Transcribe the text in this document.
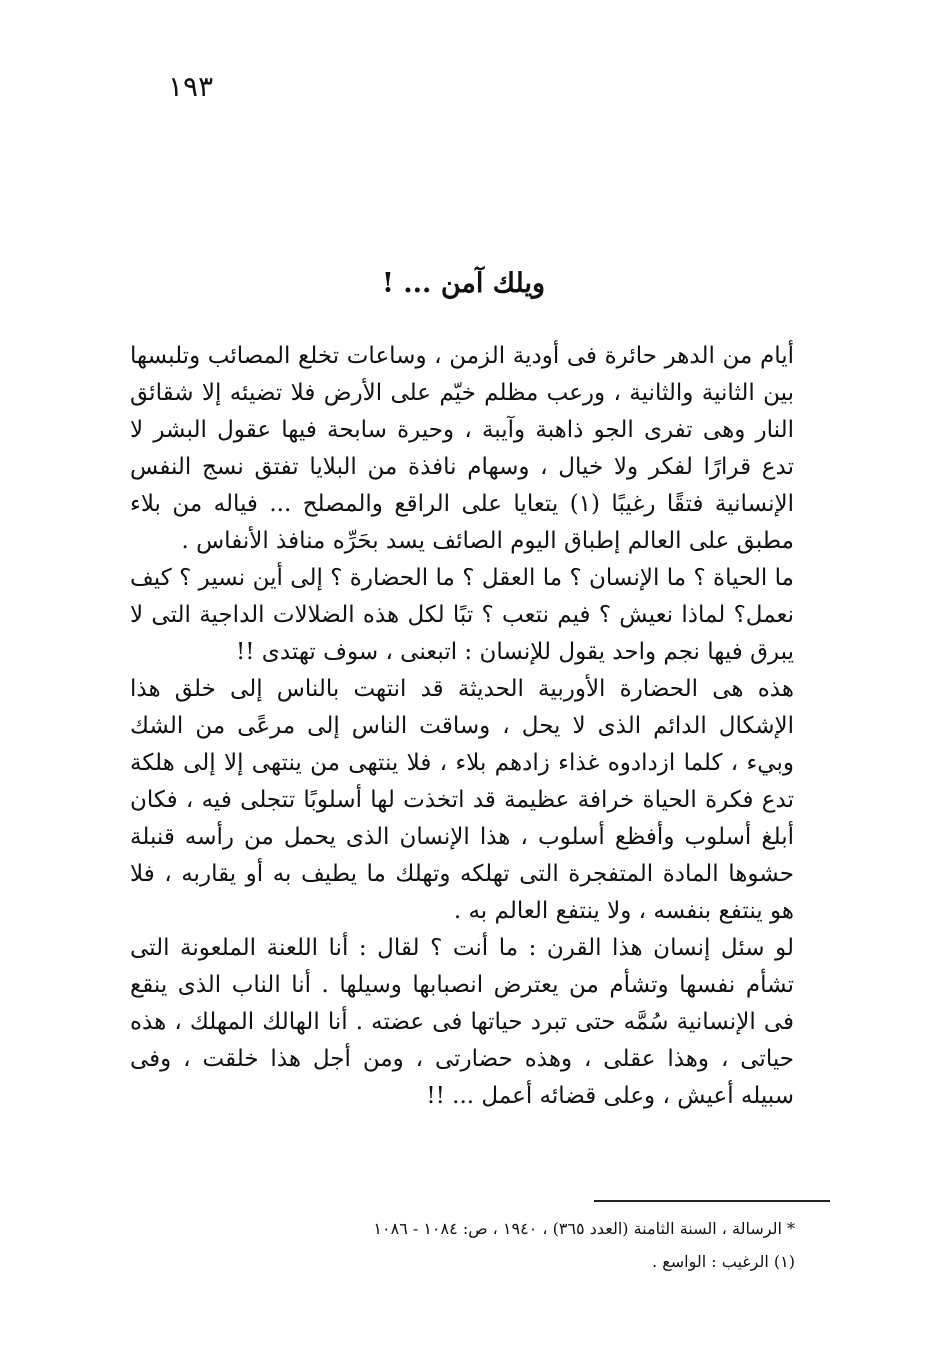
١٩٣
ويلك آمن ... !

أيام من الدهر حائرة فى أودية الزمن ، وساعات تخلع المصائب وتلبسها بين الثانية والثانية ، ورعب مظلم خيّم على الأرض فلا تضيئه إلا شقائق النار وهى تفرى الجو ذاهبة وآيبة ، وحيرة سابحة فيها عقول البشر لا تدع قرارًا لفكر ولا خيال ، وسهام نافذة من البلايا تفتق نسج النفس الإنسانية فتقًا رغيبًا (١) يتعايا على الراقع والمصلح ... فياله من بلاء مطبق على العالم إطباق اليوم الصائف يسد بحَرِّه منافذ الأنفاس .

ما الحياة ؟ ما الإنسان ؟ ما العقل ؟ ما الحضارة ؟ إلى أين نسير ؟ كيف نعمل؟ لماذا نعيش ؟ فيم نتعب ؟ تبًا لكل هذه الضلالات الداجية التى لا يبرق فيها نجم واحد يقول للإنسان : اتبعنى ، سوف تهتدى !!

هذه هى الحضارة الأوربية الحديثة قد انتهت بالناس إلى خلق هذا الإشكال الدائم الذى لا يحل ، وساقت الناس إلى مرعًى من الشك وبيء ، كلما ازدادوه غذاء زادهم بلاء ، فلا ينتهى من ينتهى إلا إلى هلكة تدع فكرة الحياة خرافة عظيمة قد اتخذت لها أسلوبًا تتجلى فيه ، فكان أبلغ أسلوب وأفظع أسلوب ، هذا الإنسان الذى يحمل من رأسه قنبلة حشوها المادة المتفجرة التى تهلكه وتهلك ما يطيف به أو يقاربه ، فلا هو ينتفع بنفسه ، ولا ينتفع العالم به .

لو سئل إنسان هذا القرن : ما أنت ؟ لقال : أنا اللعنة الملعونة التى تشأم نفسها وتشأم من يعترض انصبابها وسيلها . أنا الناب الذى ينقع فى الإنسانية سُمَّه حتى تبرد حياتها فى عضته . أنا الهالك المهلك ، هذه حياتى ، وهذا عقلى ، وهذه حضارتى ، ومن أجل هذا خلقت ، وفى سبيله أعيش ، وعلى قضائه أعمل ... !!

* الرسالة ، السنة الثامنة (العدد ٣٦٥) ، ١٩٤٠ ، ص: ١٠٨٤ - ١٠٨٦

(١) الرغيب : الواسع .
